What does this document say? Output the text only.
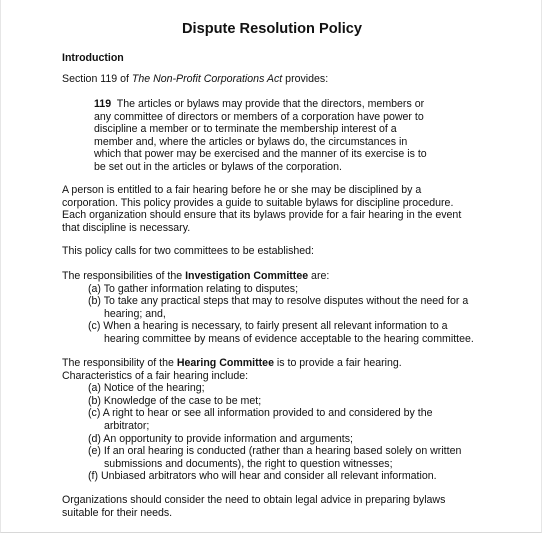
Dispute Resolution Policy
Introduction
Section 119 of The Non-Profit Corporations Act provides:
119  The articles or bylaws may provide that the directors, members or
any committee of directors or members of a corporation have power to
discipline a member or to terminate the membership interest of a
member and, where the articles or bylaws do, the circumstances in
which that power may be exercised and the manner of its exercise is to
be set out in the articles or bylaws of the corporation.
A person is entitled to a fair hearing before he or she may be disciplined by a
corporation. This policy provides a guide to suitable bylaws for discipline procedure.
Each organization should ensure that its bylaws provide for a fair hearing in the event
that discipline is necessary.
This policy calls for two committees to be established:
The responsibilities of the Investigation Committee are:
(a) To gather information relating to disputes;
(b) To take any practical steps that may to resolve disputes without the need for a
hearing; and,
(c) When a hearing is necessary, to fairly present all relevant information to a
hearing committee by means of evidence acceptable to the hearing committee.
The responsibility of the Hearing Committee is to provide a fair hearing.
Characteristics of a fair hearing include:
(a) Notice of the hearing;
(b) Knowledge of the case to be met;
(c) A right to hear or see all information provided to and considered by the
arbitrator;
(d) An opportunity to provide information and arguments;
(e) If an oral hearing is conducted (rather than a hearing based solely on written
submissions and documents), the right to question witnesses;
(f) Unbiased arbitrators who will hear and consider all relevant information.
Organizations should consider the need to obtain legal advice in preparing bylaws
suitable for their needs.
